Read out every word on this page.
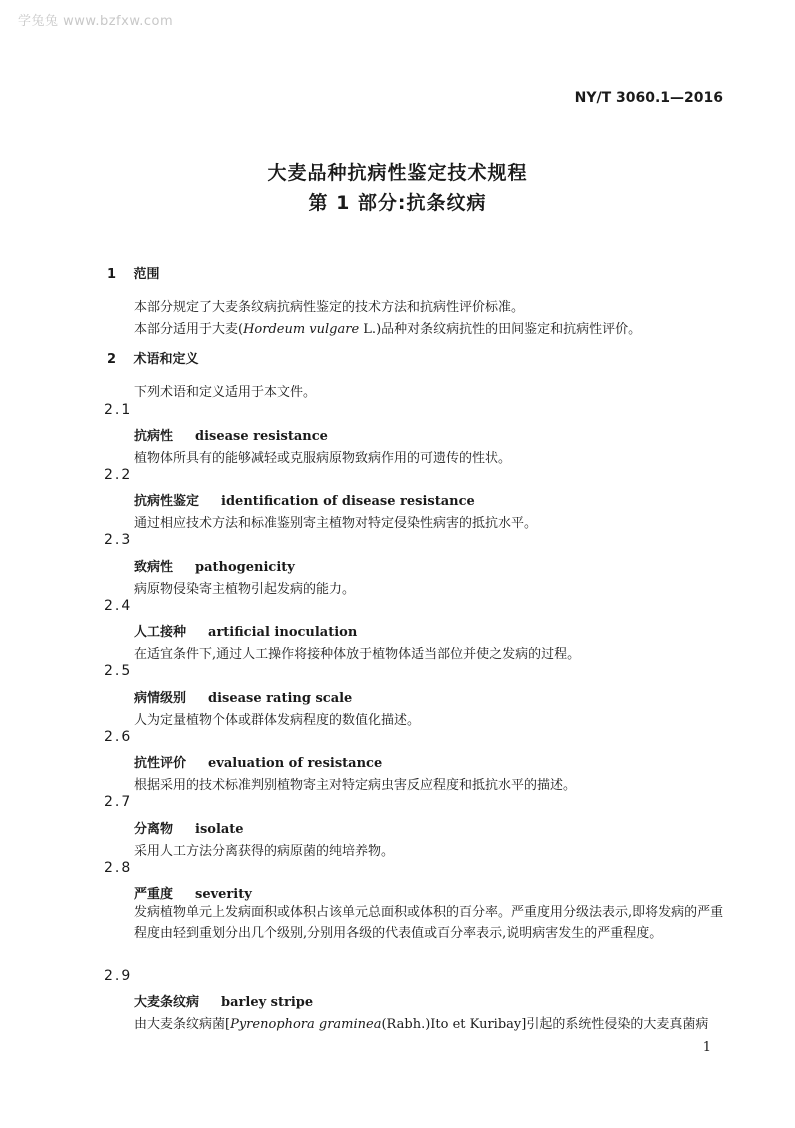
学兔兔 www.bzfxw.com
NY/T 3060.1—2016
大麦品种抗病性鉴定技术规程
第 1 部分:抗条纹病
1 范围
本部分规定了大麦条纹病抗病性鉴定的技术方法和抗病性评价标准。
本部分适用于大麦(Hordeum vulgare L.)品种对条纹病抗性的田间鉴定和抗病性评价。
2 术语和定义
下列术语和定义适用于本文件。
2.1
抗病性 disease resistance
植物体所具有的能够减轻或克服病原物致病作用的可遗传的性状。
2.2
抗病性鉴定 identification of disease resistance
通过相应技术方法和标准鉴别寄主植物对特定侵染性病害的抵抗水平。
2.3
致病性 pathogenicity
病原物侵染寄主植物引起发病的能力。
2.4
人工接种 artificial inoculation
在适宜条件下,通过人工操作将接种体放于植物体适当部位并使之发病的过程。
2.5
病情级别 disease rating scale
人为定量植物个体或群体发病程度的数值化描述。
2.6
抗性评价 evaluation of resistance
根据采用的技术标准判别植物寄主对特定病虫害反应程度和抵抗水平的描述。
2.7
分离物 isolate
采用人工方法分离获得的病原菌的纯培养物。
2.8
严重度 severity
发病植物单元上发病面积或体积占该单元总面积或体积的百分率。严重度用分级法表示,即将发病的严重程度由轻到重划分出几个级别,分别用各级的代表值或百分率表示,说明病害发生的严重程度。
2.9
大麦条纹病 barley stripe
由大麦条纹病菌[Pyrenophora graminea(Rabh.)Ito et Kuribay]引起的系统性侵染的大麦真菌病
1
